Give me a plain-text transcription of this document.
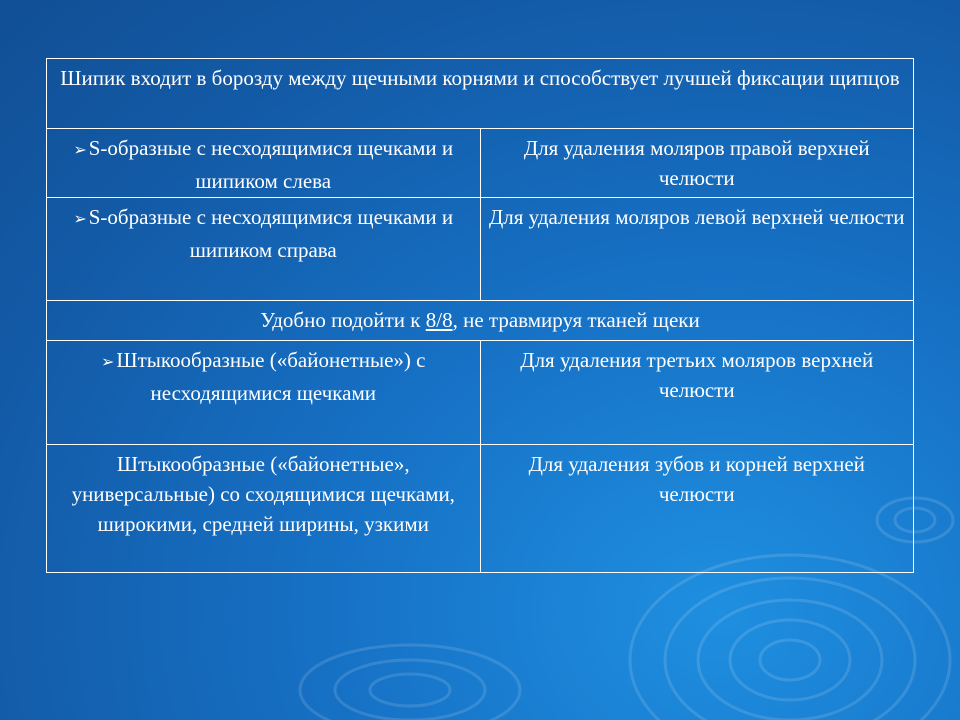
Шипик входит в борозду между щечными корнями и способствует лучшей фиксации щипцов	
➢S-образные с несходящимися щечками и шипиком слева	Для удаления моляров правой верхней челюсти
➢S-образные с несходящимися щечками и шипиком справа	Для удаления моляров левой верхней челюсти
Удобно подойти к 8/8, не травмируя тканей щеки	
➢Штыкообразные («байонетные») с несходящимися щечками	Для удаления третьих моляров верхней челюсти
Штыкообразные («байонетные», универсальные) со сходящимися щечками, широкими, средней ширины, узкими	Для удаления зубов и корней верхней челюсти
